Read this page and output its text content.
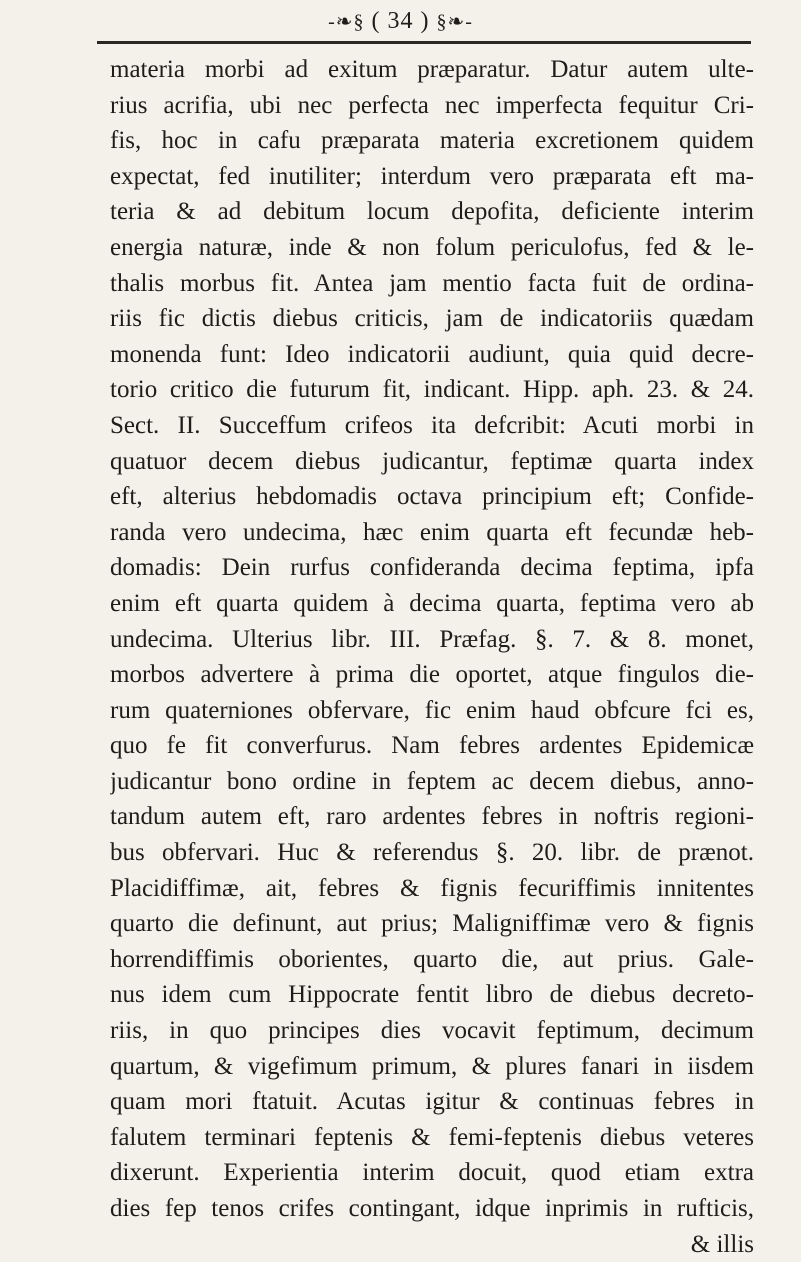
-❧§ ( 34 ) §❧-
materia morbi ad exitum præparatur. Datur autem ulte-
rius acrifia, ubi nec perfecta nec imperfecta fequitur Cri-
fis, hoc in cafu præparata materia excretionem quidem
expectat, fed inutiliter; interdum vero præparata eft ma-
teria & ad debitum locum depofita, deficiente interim
energia naturæ, inde & non folum periculofus, fed & le-
thalis morbus fit. Antea jam mentio facta fuit de ordina-
riis fic dictis diebus criticis, jam de indicatoriis quædam
monenda funt: Ideo indicatorii audiunt, quia quid decre-
torio critico die futurum fit, indicant. Hipp. aph. 23. & 24.
Sect. II. Succeffum crifeos ita defcribit: Acuti morbi in
quatuor decem diebus judicantur, feptimæ quarta index
eft, alterius hebdomadis octava principium eft; Confide-
randa vero undecima, hæc enim quarta eft fecundæ heb-
domadis: Dein rurfus confideranda decima feptima, ipfa
enim eft quarta quidem à decima quarta, feptima vero ab
undecima. Ulterius libr. III. Præfag. §. 7. & 8. monet,
morbos advertere à prima die oportet, atque fingulos die-
rum quaterniones obfervare, fic enim haud obfcure fci es,
quo fe fit converfurus. Nam febres ardentes Epidemicæ
judicantur bono ordine in feptem ac decem diebus, anno-
tandum autem eft, raro ardentes febres in noftris regioni-
bus obfervari. Huc & referendus §. 20. libr. de prænot.
Placidiffimæ, ait, febres & fignis fecuriffimis innitentes
quarto die definunt, aut prius; Maligniffimæ vero & fignis
horrendiffimis oborientes, quarto die, aut prius. Gale-
nus idem cum Hippocrate fentit libro de diebus decreto-
riis, in quo principes dies vocavit feptimum, decimum
quartum, & vigefimum primum, & plures fanari in iisdem
quam mori ftatuit. Acutas igitur & continuas febres in
falutem terminari feptenis & femi-feptenis diebus veteres
dixerunt. Experientia interim docuit, quod etiam extra
dies fep tenos crifes contingant, idque inprimis in rufticis,
& illis
